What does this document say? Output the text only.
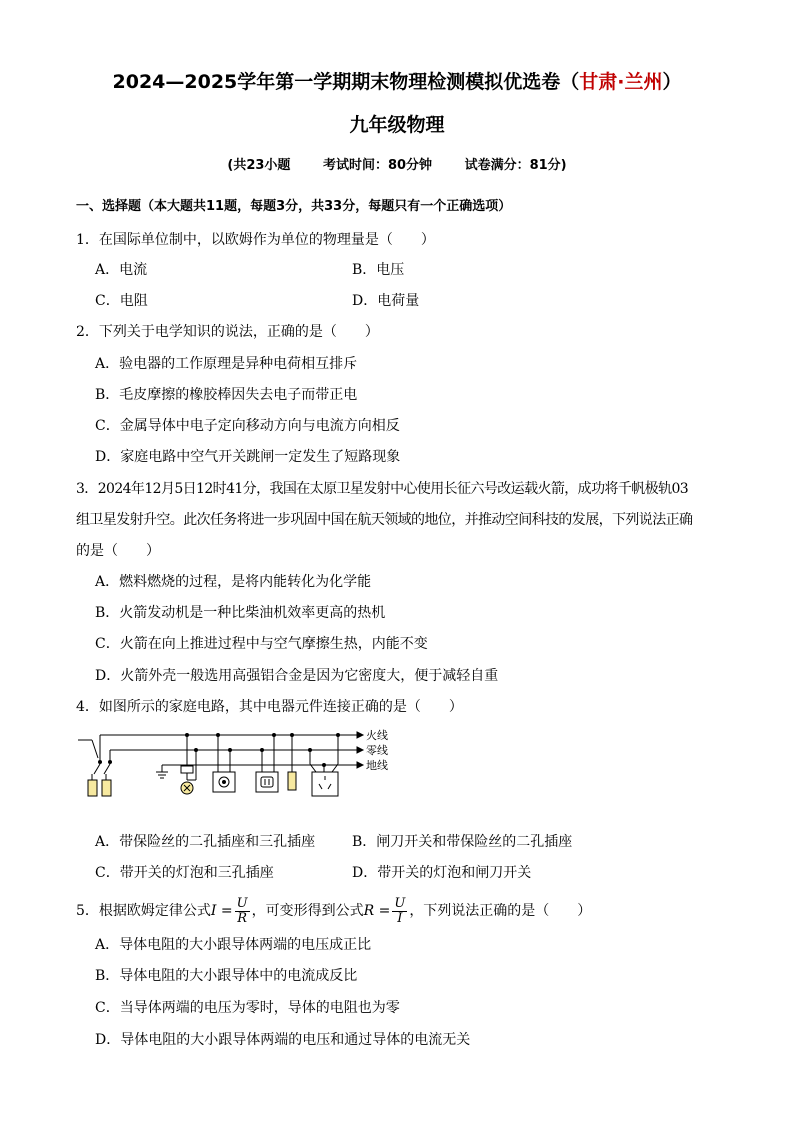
2024—2025学年第一学期期末物理检测模拟优选卷（甘肃·兰州）
九年级物理
(共23小题	考试时间：80分钟	试卷满分：81分)
一、选择题（本大题共11题，每题3分，共33分，每题只有一个正确选项）
1．在国际单位制中，以欧姆作为单位的物理量是（　　）
A．电流	B．电压
C．电阻	D．电荷量
2．下列关于电学知识的说法，正确的是（　　）
A．验电器的工作原理是异种电荷相互排斥
B．毛皮摩擦的橡胶棒因失去电子而带正电
C．金属导体中电子定向移动方向与电流方向相反
D．家庭电路中空气开关跳闸一定发生了短路现象
3．2024年12月5日12时41分，我国在太原卫星发射中心使用长征六号改运载火箭，成功将千帆极轨03
组卫星发射升空。此次任务将进一步巩固中国在航天领域的地位，并推动空间科技的发展，下列说法正确
的是（　　）
A．燃料燃烧的过程，是将内能转化为化学能
B．火箭发动机是一种比柴油机效率更高的热机
C．火箭在向上推进过程中与空气摩擦生热，内能不变
D．火箭外壳一般选用高强铝合金是因为它密度大，便于减轻自重
4．如图所示的家庭电路，其中电器元件连接正确的是（　　）
火线
零线
地线
A．带保险丝的二孔插座和三孔插座	B．闸刀开关和带保险丝的二孔插座
C．带开关的灯泡和三孔插座	D．带开关的灯泡和闸刀开关
5．根据欧姆定律公式$I = \frac{U}{R}$ ，可变形得到公式$R = \frac{U}{I}$ ，下列说法正确的是（　　）
A．导体电阻的大小跟导体两端的电压成正比
B．导体电阻的大小跟导体中的电流成反比
C．当导体两端的电压为零时，导体的电阻也为零
D．导体电阻的大小跟导体两端的电压和通过导体的电流无关
